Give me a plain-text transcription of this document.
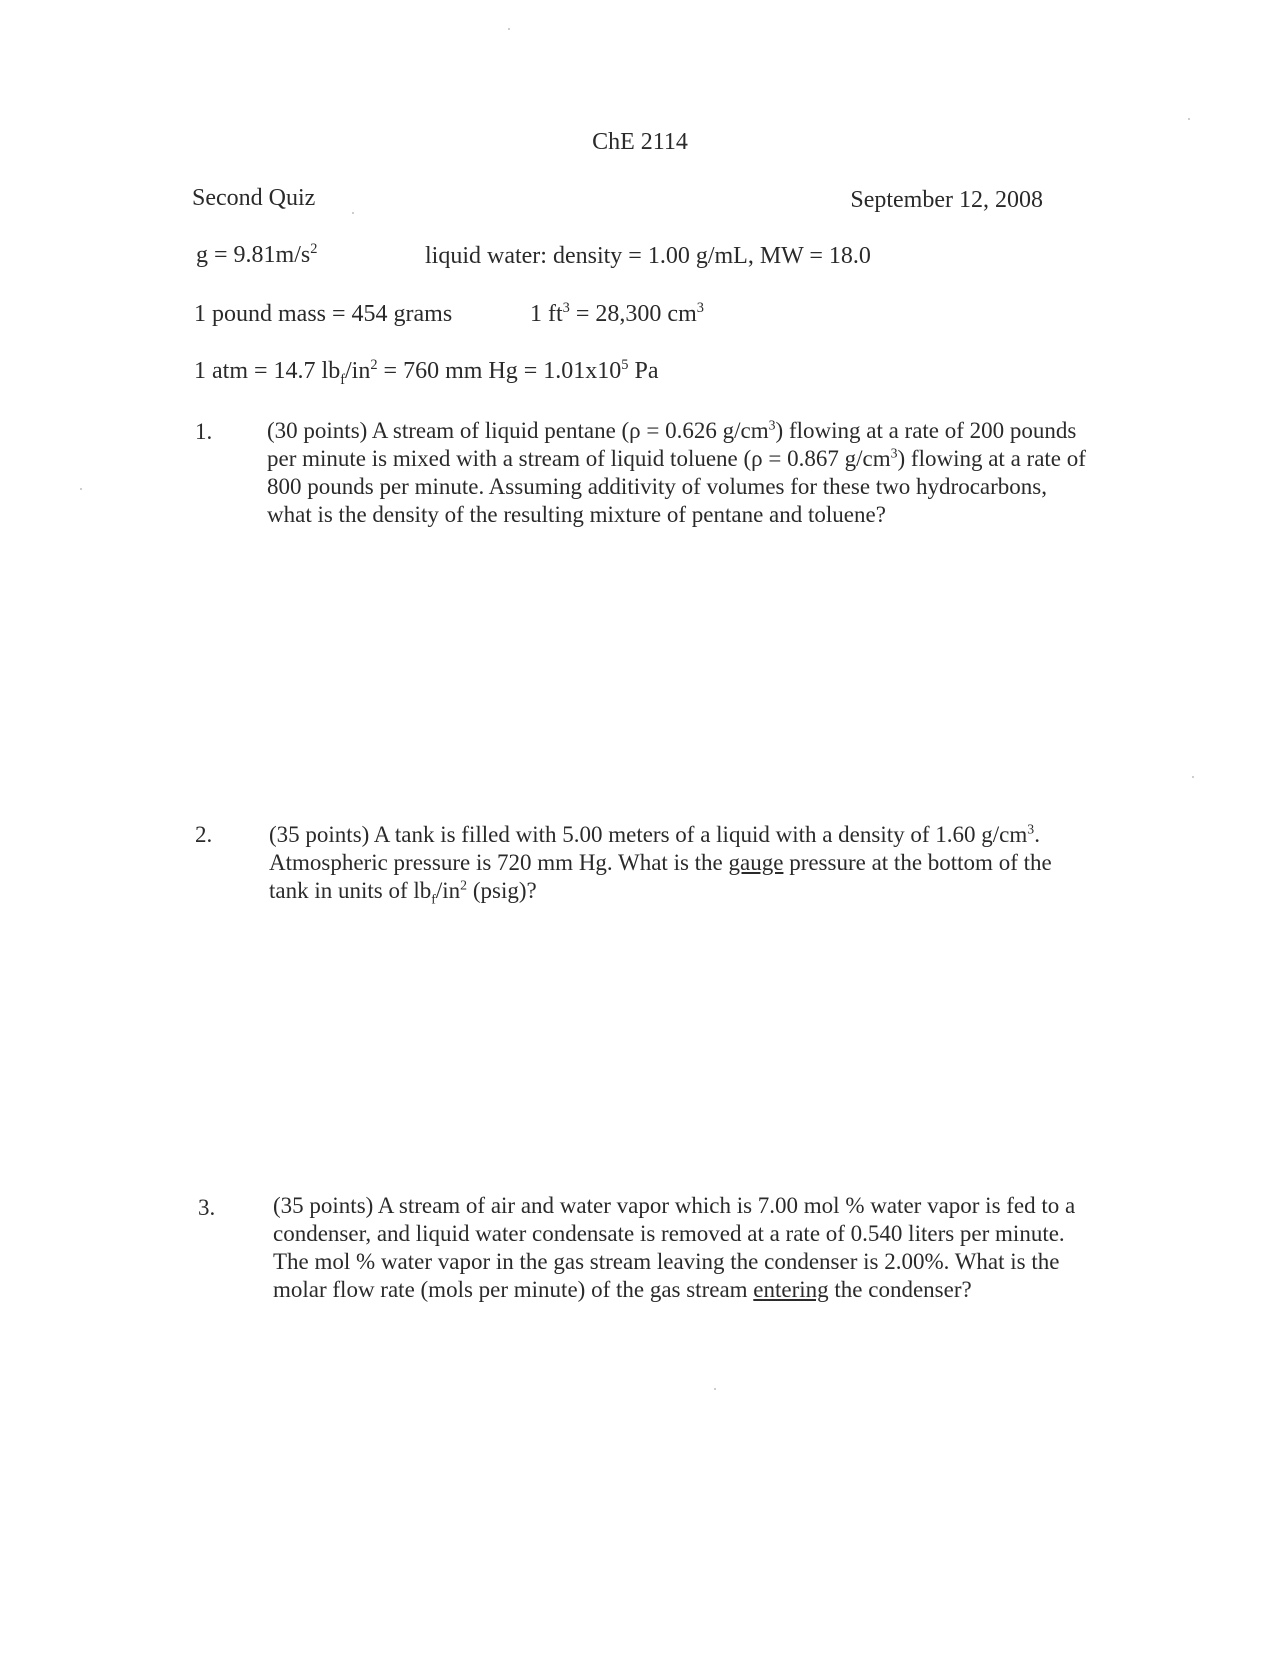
ChE 2114
Second Quiz	September 12, 2008
$g = 9.81m/s^2$	liquid water: density = 1.00 g/mL, MW = 18.0
1 pound mass = 454 grams	1 $ft^3 = 28,300$ $cm^3$
1 atm = 14.7 $lb_f/in^2 = 760$ mm $Hg = 1.01x10^5$ Pa
1. (30 points) A stream of liquid pentane (ρ = 0.626 $g/cm^3$) flowing at a rate of 200 pounds per minute is mixed with a stream of liquid toluene (ρ = 0.867 $g/cm^3$) flowing at a rate of 800 pounds per minute. Assuming additivity of volumes for these two hydrocarbons, what is the density of the resulting mixture of pentane and toluene?
2. (35 points) A tank is filled with 5.00 meters of a liquid with a density of 1.60 $g/cm^3$. Atmospheric pressure is 720 mm Hg. What is the gauge pressure at the bottom of the tank in units of $lb_f/in^2$ (psig)?
3.	(35 points) A stream of air and water vapor which is 7.00 mol % water vapor is fed to a condenser, and liquid water condensate is removed at a rate of 0.540 liters per minute. The mol % water vapor in the gas stream leaving the condenser is 2.00%. What is the molar flow rate (mols per minute) of the gas stream entering the condenser?
